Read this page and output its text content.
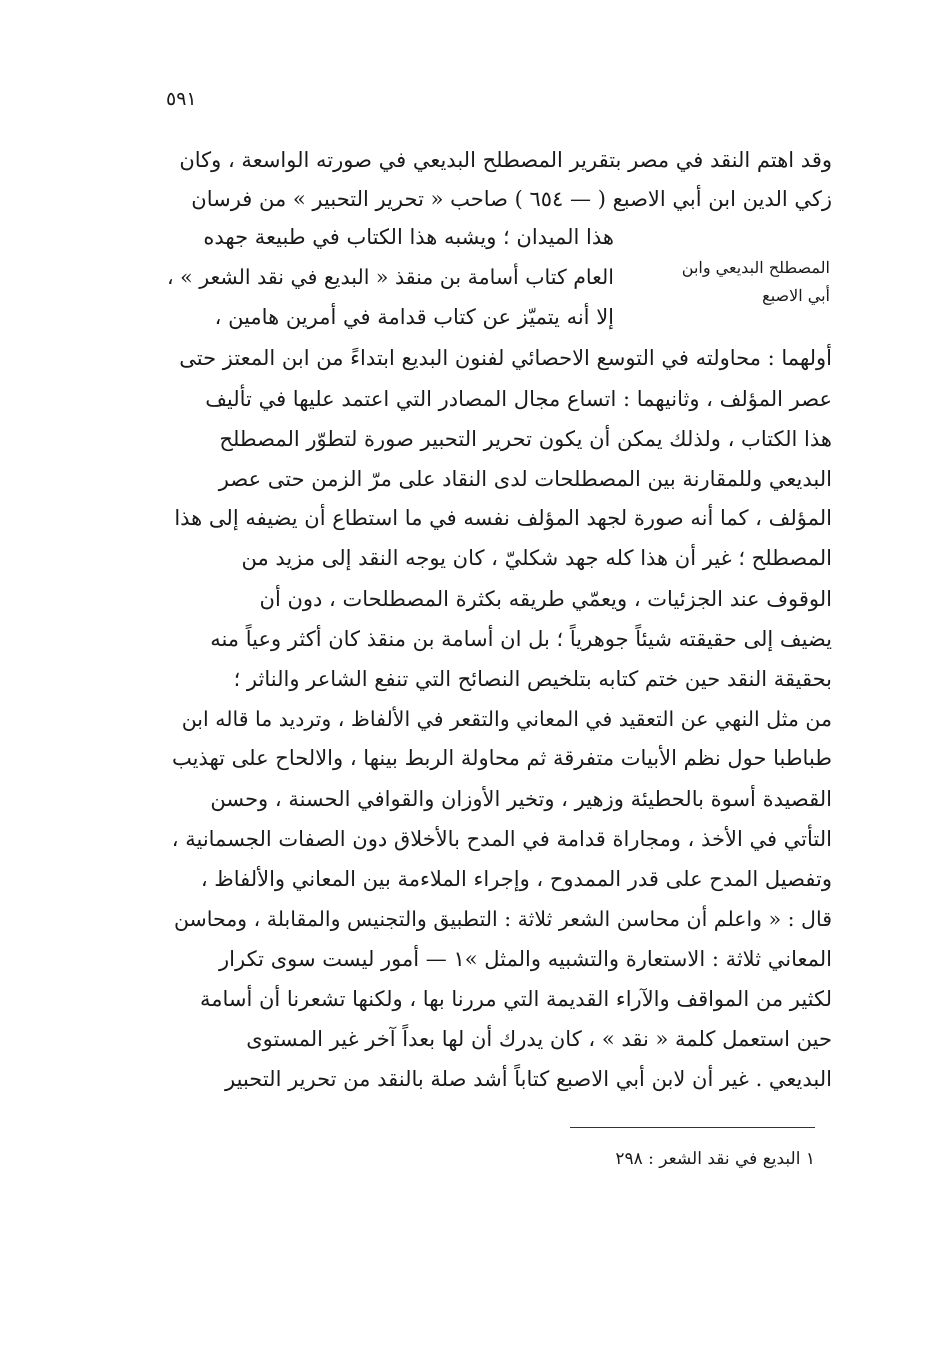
٥٩١
وقد اهتم النقد في مصر بتقرير المصطلح البديعي في صورته الواسعة ، وكان
زكي الدين ابن أبي الاصبع ( — ٦٥٤ ) صاحب « تحرير التحبير » من فرسان
هذا الميدان ؛ ويشبه هذا الكتاب في طبيعة جهده
العام كتاب أسامة بن منقذ « البديع في نقد الشعر » ،
إلا أنه يتميّز عن كتاب قدامة في أمرين هامين ،
المصطلح البديعي وابن
أبي الاصبع
أولهما : محاولته في التوسع الاحصائي لفنون البديع ابتداءً من ابن المعتز حتى
عصر المؤلف ، وثانيهما : اتساع مجال المصادر التي اعتمد عليها في تأليف
هذا الكتاب ، ولذلك يمكن أن يكون تحرير التحبير صورة لتطوّر المصطلح
البديعي وللمقارنة بين المصطلحات لدى النقاد على مرّ الزمن حتى عصر
المؤلف ، كما أنه صورة لجهد المؤلف نفسه في ما استطاع أن يضيفه إلى هذا
المصطلح ؛ غير أن هذا كله جهد شكليّ ، كان يوجه النقد إلى مزيد من
الوقوف عند الجزئيات ، ويعمّي طريقه بكثرة المصطلحات ، دون أن
يضيف إلى حقيقته شيئاً جوهرياً ؛ بل ان أسامة بن منقذ كان أكثر وعياً منه
بحقيقة النقد حين ختم كتابه بتلخيص النصائح التي تنفع الشاعر والناثر ؛
من مثل النهي عن التعقيد في المعاني والتقعر في الألفاظ ، وترديد ما قاله ابن
طباطبا حول نظم الأبيات متفرقة ثم محاولة الربط بينها ، والالحاح على تهذيب
القصيدة أسوة بالحطيئة وزهير ، وتخير الأوزان والقوافي الحسنة ، وحسن
التأتي في الأخذ ، ومجاراة قدامة في المدح بالأخلاق دون الصفات الجسمانية ،
وتفصيل المدح على قدر الممدوح ، وإجراء الملاءمة بين المعاني والألفاظ ،
قال : « واعلم أن محاسن الشعر ثلاثة : التطبيق والتجنيس والمقابلة ، ومحاسن
المعاني ثلاثة : الاستعارة والتشبيه والمثل »١ — أمور ليست سوى تكرار
لكثير من المواقف والآراء القديمة التي مررنا بها ، ولكنها تشعرنا أن أسامة
حين استعمل كلمة « نقد » ، كان يدرك أن لها بعداً آخر غير المستوى
البديعي . غير أن لابن أبي الاصبع كتاباً أشد صلة بالنقد من تحرير التحبير
١ البديع في نقد الشعر : ٢٩٨
